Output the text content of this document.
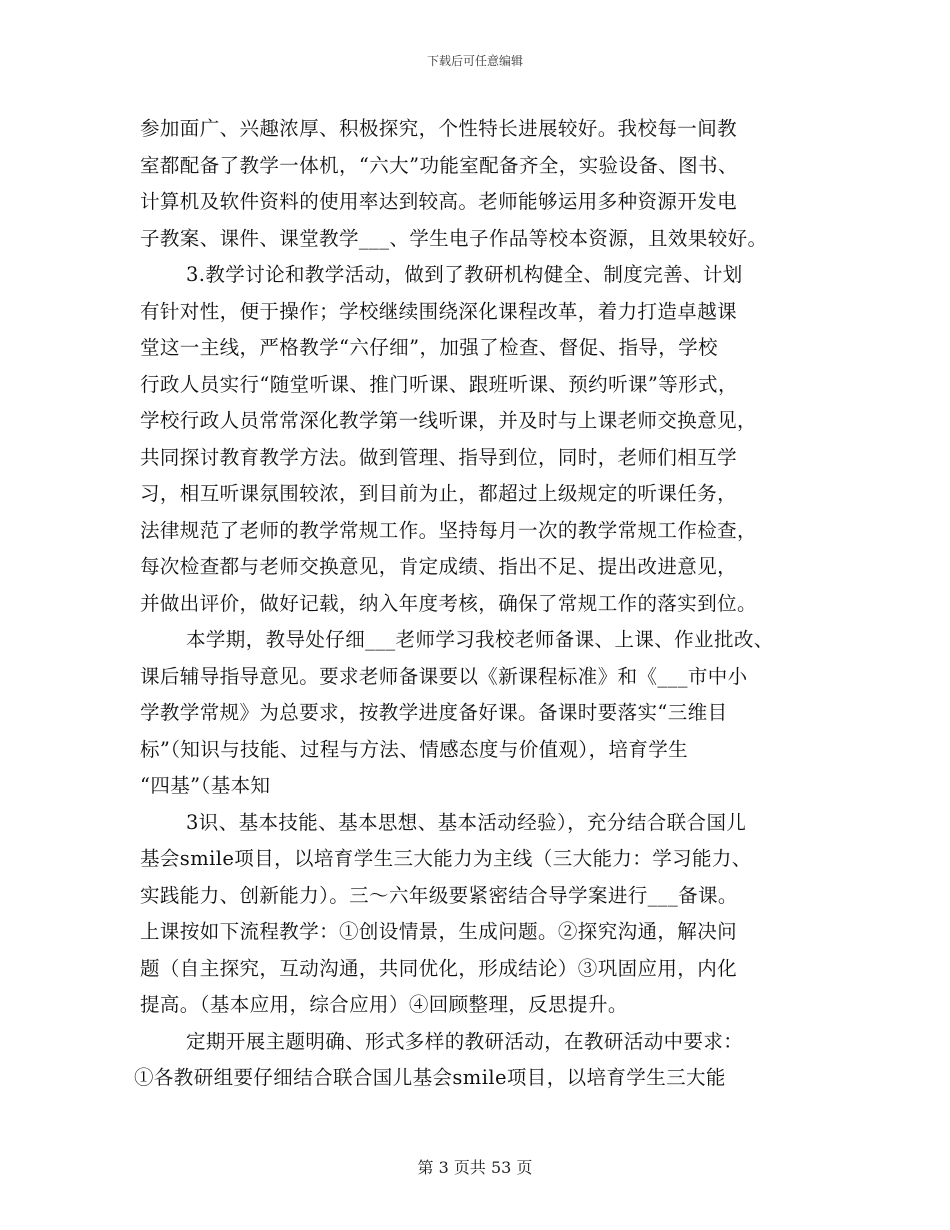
下载后可任意编辑
参加面广、兴趣浓厚、积极探究，个性特长进展较好。我校每一间教
室都配备了教学一体机，“六大”功能室配备齐全，实验设备、图书、
计算机及软件资料的使用率达到较高。老师能够运用多种资源开发电
子教案、课件、课堂教学___、学生电子作品等校本资源，且效果较好。
3.教学讨论和教学活动，做到了教研机构健全、制度完善、计划
有针对性，便于操作；学校继续围绕深化课程改革，着力打造卓越课
堂这一主线，严格教学“六仔细”，加强了检查、督促、指导，学校
行政人员实行“随堂听课、推门听课、跟班听课、预约听课”等形式，
学校行政人员常常深化教学第一线听课，并及时与上课老师交换意见，
共同探讨教育教学方法。做到管理、指导到位，同时，老师们相互学
习，相互听课氛围较浓，到目前为止，都超过上级规定的听课任务，
法律规范了老师的教学常规工作。坚持每月一次的教学常规工作检查，
每次检查都与老师交换意见，肯定成绩、指出不足、提出改进意见，
并做出评价，做好记载，纳入年度考核，确保了常规工作的落实到位。
本学期，教导处仔细___老师学习我校老师备课、上课、作业批改、
课后辅导指导意见。要求老师备课要以《新课程标准》和《___市中小
学教学常规》为总要求，按教学进度备好课。备课时要落实“三维目
标”（知识与技能、过程与方法、情感态度与价值观），培育学生
“四基”（基本知
3识、基本技能、基本思想、基本活动经验），充分结合联合国儿
基会smile项目，以培育学生三大能力为主线（三大能力：学习能力、
实践能力、创新能力）。三～六年级要紧密结合导学案进行___备课。
上课按如下流程教学：①创设情景，生成问题。②探究沟通，解决问
题（自主探究，互动沟通，共同优化，形成结论）③巩固应用，内化
提高。（基本应用，综合应用）④回顾整理，反思提升。
定期开展主题明确、形式多样的教研活动，在教研活动中要求：
①各教研组要仔细结合联合国儿基会smile项目，以培育学生三大能
第 3 页共 53 页
